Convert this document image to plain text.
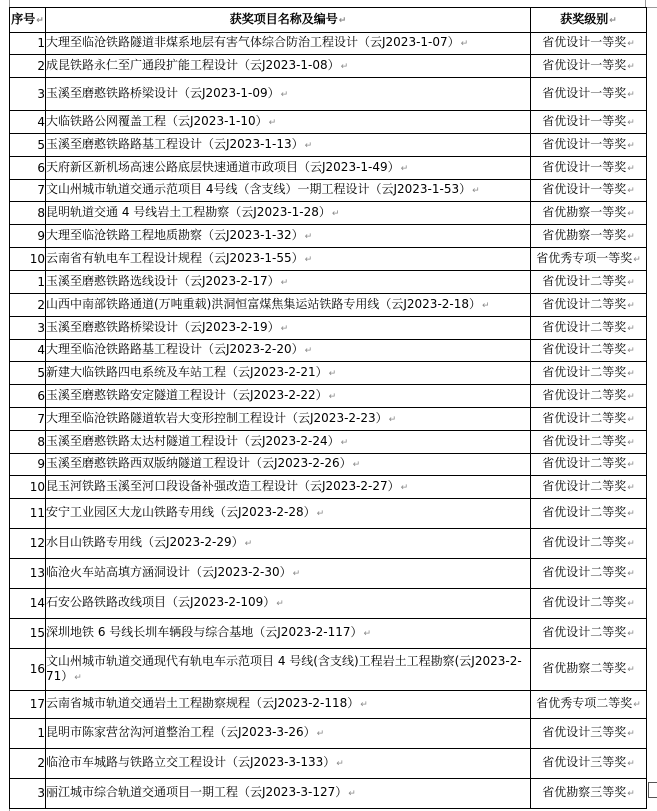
序号 ↵	获奖项目名称及编号 ↵	获奖级别 ↵
1	大理至临沧铁路隧道非煤系地层有害气体综合防治工程设计（云J2023-1-07） ↵	省优设计一等奖 ↵
2	成昆铁路永仁至广通段扩能工程设计（云J2023-1-08） ↵	省优设计一等奖 ↵
3	玉溪至磨憨铁路桥梁设计（云J2023-1-09） ↵	省优设计一等奖 ↵
4	大临铁路公网覆盖工程（云J2023-1-10） ↵	省优设计一等奖 ↵
5	玉溪至磨憨铁路路基工程设计（云J2023-1-13） ↵	省优设计一等奖 ↵
6	天府新区新机场高速公路底层快速通道市政项目（云J2023-1-49） ↵	省优设计一等奖 ↵
7	文山州城市轨道交通示范项目 4号线（含支线）一期工程设计（云J2023-1-53） ↵	省优设计一等奖 ↵
8	昆明轨道交通 4 号线岩土工程勘察（云J2023-1-28） ↵	省优勘察一等奖 ↵
9	大理至临沧铁路工程地质勘察（云J2023-1-32） ↵	省优勘察一等奖 ↵
10	云南省有轨电车工程设计规程（云J2023-1-55） ↵	省优秀专项一等奖 ↵
1	玉溪至磨憨铁路选线设计（云J2023-2-17） ↵	省优设计二等奖 ↵
2	山西中南部铁路通道(万吨重载)洪洞恒富煤焦集运站铁路专用线（云J2023-2-18） ↵	省优设计二等奖 ↵
3	玉溪至磨憨铁路桥梁设计（云J2023-2-19） ↵	省优设计二等奖 ↵
4	大理至临沧铁路路基工程设计（云J2023-2-20） ↵	省优设计二等奖 ↵
5	新建大临铁路四电系统及车站工程（云J2023-2-21） ↵	省优设计二等奖 ↵
6	玉溪至磨憨铁路安定隧道工程设计（云J2023-2-22） ↵	省优设计二等奖 ↵
7	大理至临沧铁路隧道软岩大变形控制工程设计（云J2023-2-23） ↵	省优设计二等奖 ↵
8	玉溪至磨憨铁路太达村隧道工程设计（云J2023-2-24） ↵	省优设计二等奖 ↵
9	玉溪至磨憨铁路西双版纳隧道工程设计（云J2023-2-26） ↵	省优设计二等奖 ↵
10	昆玉河铁路玉溪至河口段设备补强改造工程设计（云J2023-2-27） ↵	省优设计二等奖 ↵
11	安宁工业园区大龙山铁路专用线（云J2023-2-28） ↵	省优设计二等奖 ↵
12	水目山铁路专用线（云J2023-2-29） ↵	省优设计二等奖 ↵
13	临沧火车站高填方涵洞设计（云J2023-2-30） ↵	省优设计二等奖 ↵
14	石安公路铁路改线项目（云J2023-2-109） ↵	省优设计二等奖 ↵
15	深圳地铁 6 号线长圳车辆段与综合基地（云J2023-2-117） ↵	省优设计二等奖 ↵
16	文山州城市轨道交通现代有轨电车示范项目 4 号线(含支线)工程岩土工程勘察(云J2023-2-71） ↵	省优勘察二等奖 ↵
17	云南省城市轨道交通岩土工程勘察规程（云J2023-2-118） ↵	省优秀专项二等奖 ↵
1	昆明市陈家营岔沟河道整治工程（云J2023-3-26） ↵	省优设计三等奖 ↵
2	临沧市车城路与铁路立交工程设计（云J2023-3-133） ↵	省优设计三等奖 ↵
3	丽江城市综合轨道交通项目一期工程（云J2023-3-127） ↵	省优勘察三等奖 ↵
